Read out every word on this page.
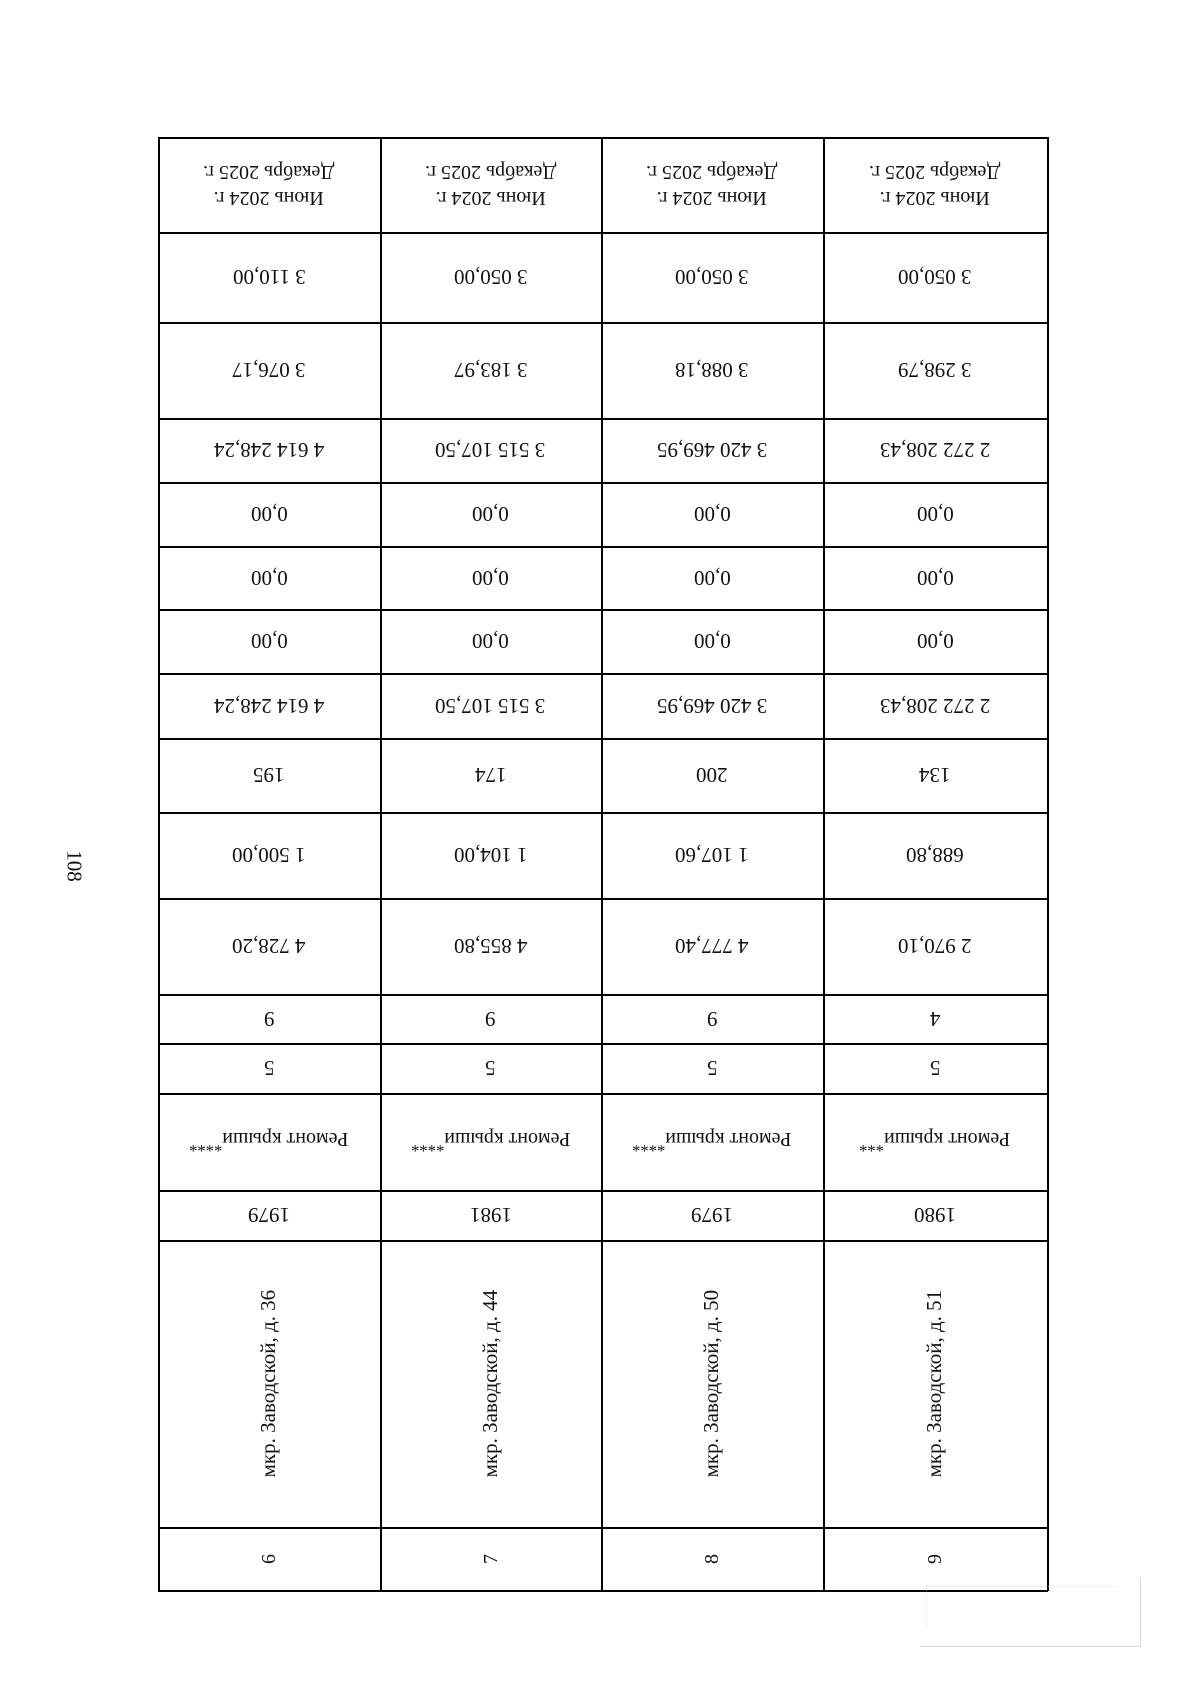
108
Июнь 2024 г.
Декабрь 2025 г.
3 110,00
3 076,17
4 614 248,24
0,00
0,00
0,00
4 614 248,24
195
1 500,00
4 728,20
9
5
Ремонт крыши****
1979
мкр. Заводской, д. 36
6
Июнь 2024 г.
Декабрь 2025 г.
3 050,00
3 183,97
3 515 107,50
0,00
0,00
0,00
3 515 107,50
174
1 104,00
4 855,80
9
5
Ремонт крыши****
1981
мкр. Заводской, д. 44
7
Июнь 2024 г.
Декабрь 2025 г.
3 050,00
3 088,18
3 420 469,95
0,00
0,00
0,00
3 420 469,95
200
1 107,60
4 777,40
9
5
Ремонт крыши****
1979
мкр. Заводской, д. 50
8
Июнь 2024 г.
Декабрь 2025 г.
3 050,00
3 298,79
2 272 208,43
0,00
0,00
0,00
2 272 208,43
134
688,80
2 970,10
4
5
Ремонт крыши***
1980
мкр. Заводской, д. 51
9
